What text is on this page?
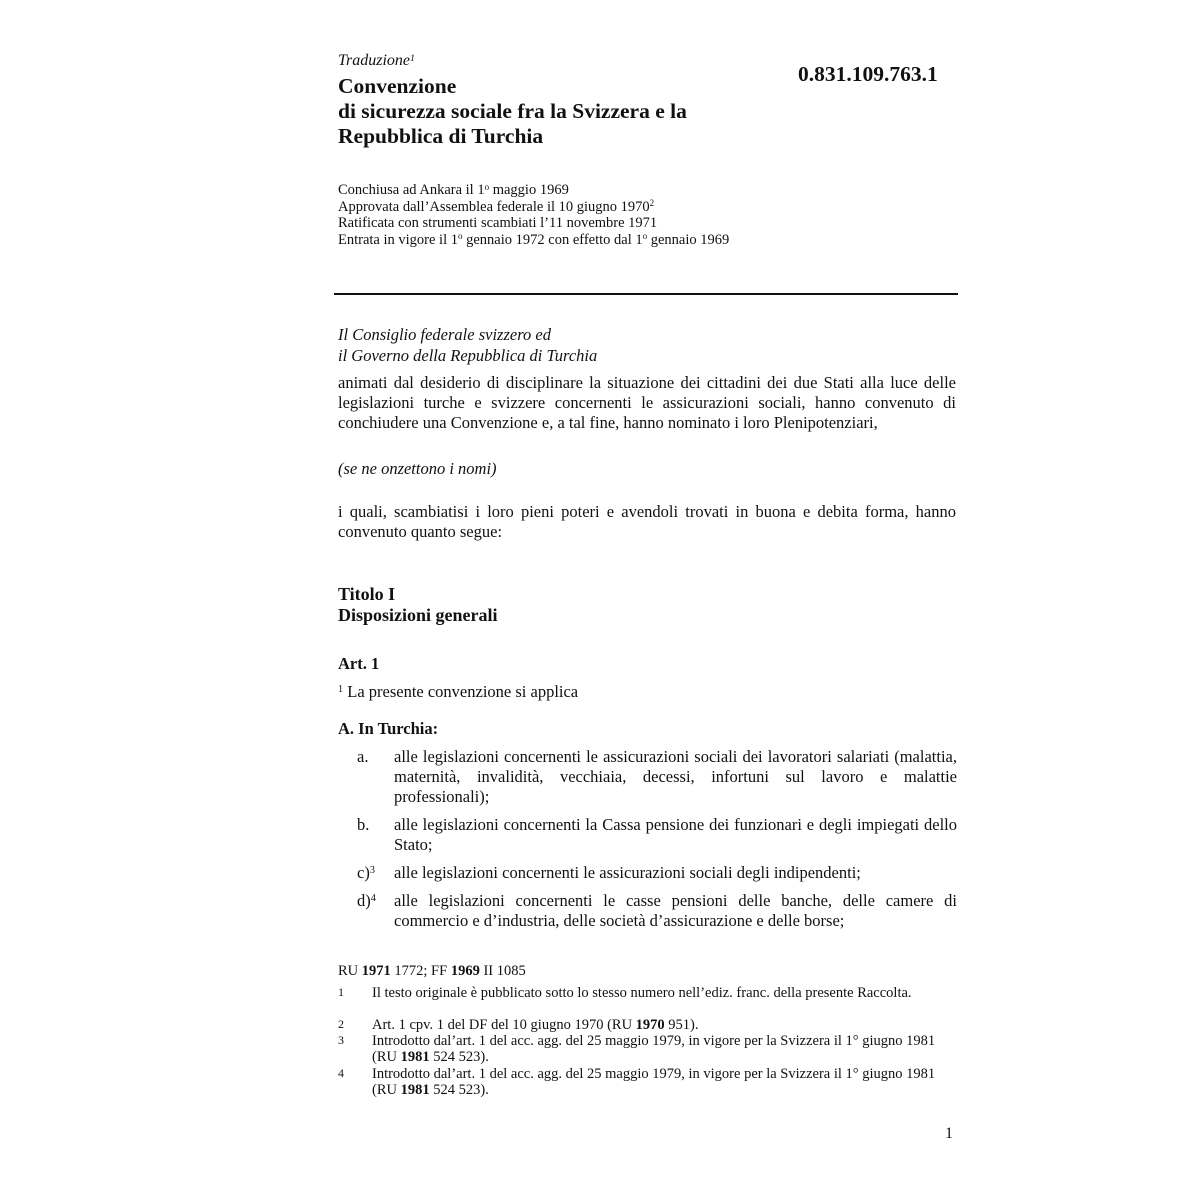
Traduzione$^1$
Convenzione
di sicurezza sociale fra la Svizzera e la
Repubblica di Turchia
0.831.109.763.1
Conchiusa ad Ankara il 1$^o$ maggio 1969
Approvata dall’Assemblea federale il 10 giugno 1970$^2$
Ratificata con strumenti scambiati l’11 novembre 1971
Entrata in vigore il 1$^o$ gennaio 1972 con effetto dal 1$^o$ gennaio 1969
Il Consiglio federale svizzero ed
il Governo della Repubblica di Turchia
animati dal desiderio di disciplinare la situazione dei cittadini dei due Stati alla luce delle legislazioni turche e svizzere concernenti le assicurazioni sociali, hanno convenuto di conchiudere una Convenzione e, a tal fine, hanno nominato i loro Plenipotenziari,
(se ne onzettono i nomi)
i quali, scambiatisi i loro pieni poteri e avendoli trovati in buona e debita forma, hanno convenuto quanto segue:
Titolo I
Disposizioni generali
Art. 1
$^1$ La presente convenzione si applica
A. In Turchia:
a.	alle legislazioni concernenti le assicurazioni sociali dei lavoratori salariati (malattia, maternità, invalidità, vecchiaia, decessi, infortuni sul lavoro e malattie professionali);
b.	alle legislazioni concernenti la Cassa pensione dei funzionari e degli impiegati dello Stato;
c)$^3$	alle legislazioni concernenti le assicurazioni sociali degli indipendenti;
d)$^4$	alle legislazioni concernenti le casse pensioni delle banche, delle camere di commercio e d’industria, delle società d’assicurazione e delle borse;
RU 1971 1772; FF 1969 II 1085
1 Il testo originale è pubblicato sotto lo stesso numero nell’ediz. franc. della presente Raccolta.
2 Art. 1 cpv. 1 del DF del 10 giugno 1970 (RU 1970 951).
3 Introdotto dal’art. 1 del acc. agg. del 25 maggio 1979, in vigore per la Svizzera il 1° giugno 1981 (RU 1981 524 523).
4 Introdotto dal’art. 1 del acc. agg. del 25 maggio 1979, in vigore per la Svizzera il 1° giugno 1981 (RU 1981 524 523).
1
